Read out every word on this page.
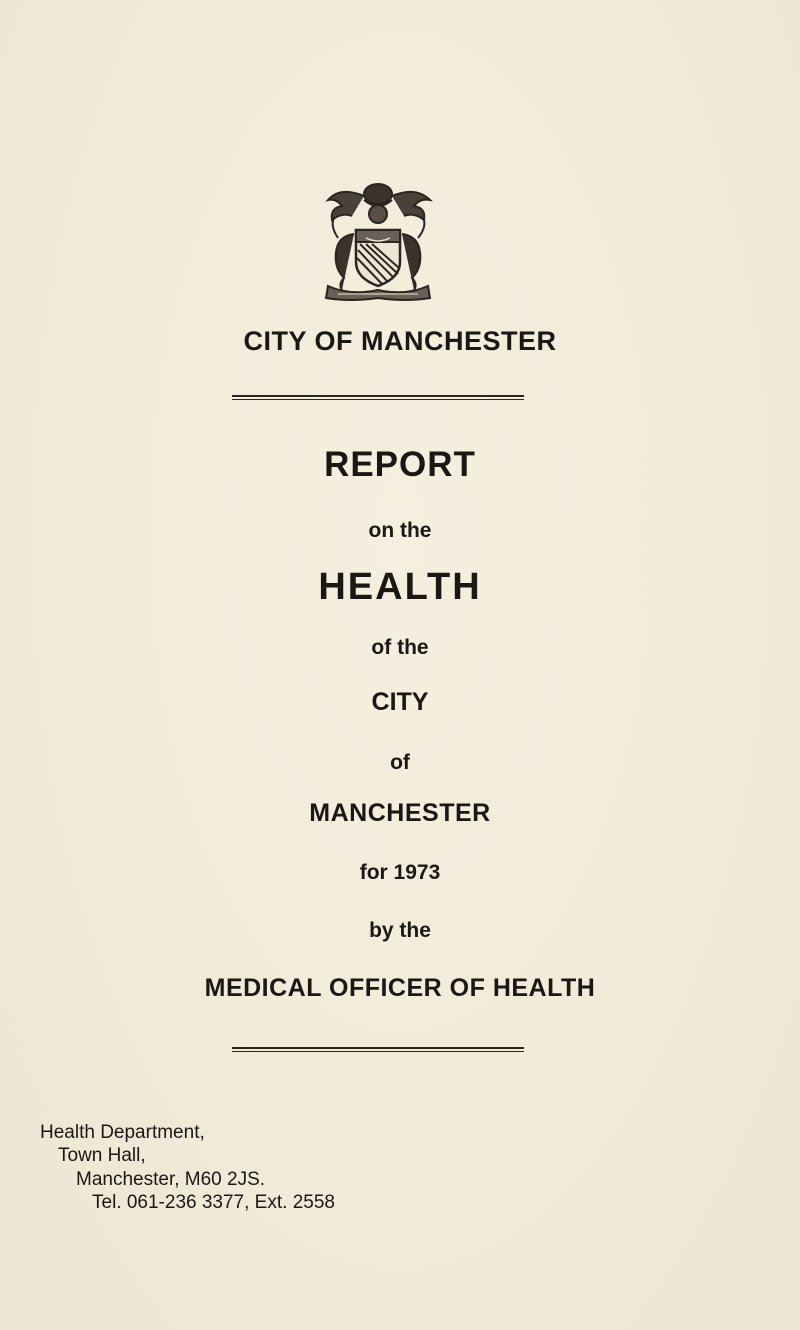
CITY OF MANCHESTER
REPORT
on the
HEALTH
of the
CITY
of
MANCHESTER
for 1973
by the
MEDICAL OFFICER OF HEALTH
Health Department,
Town Hall,
Manchester, M60 2JS.
Tel. 061-236 3377, Ext. 2558
